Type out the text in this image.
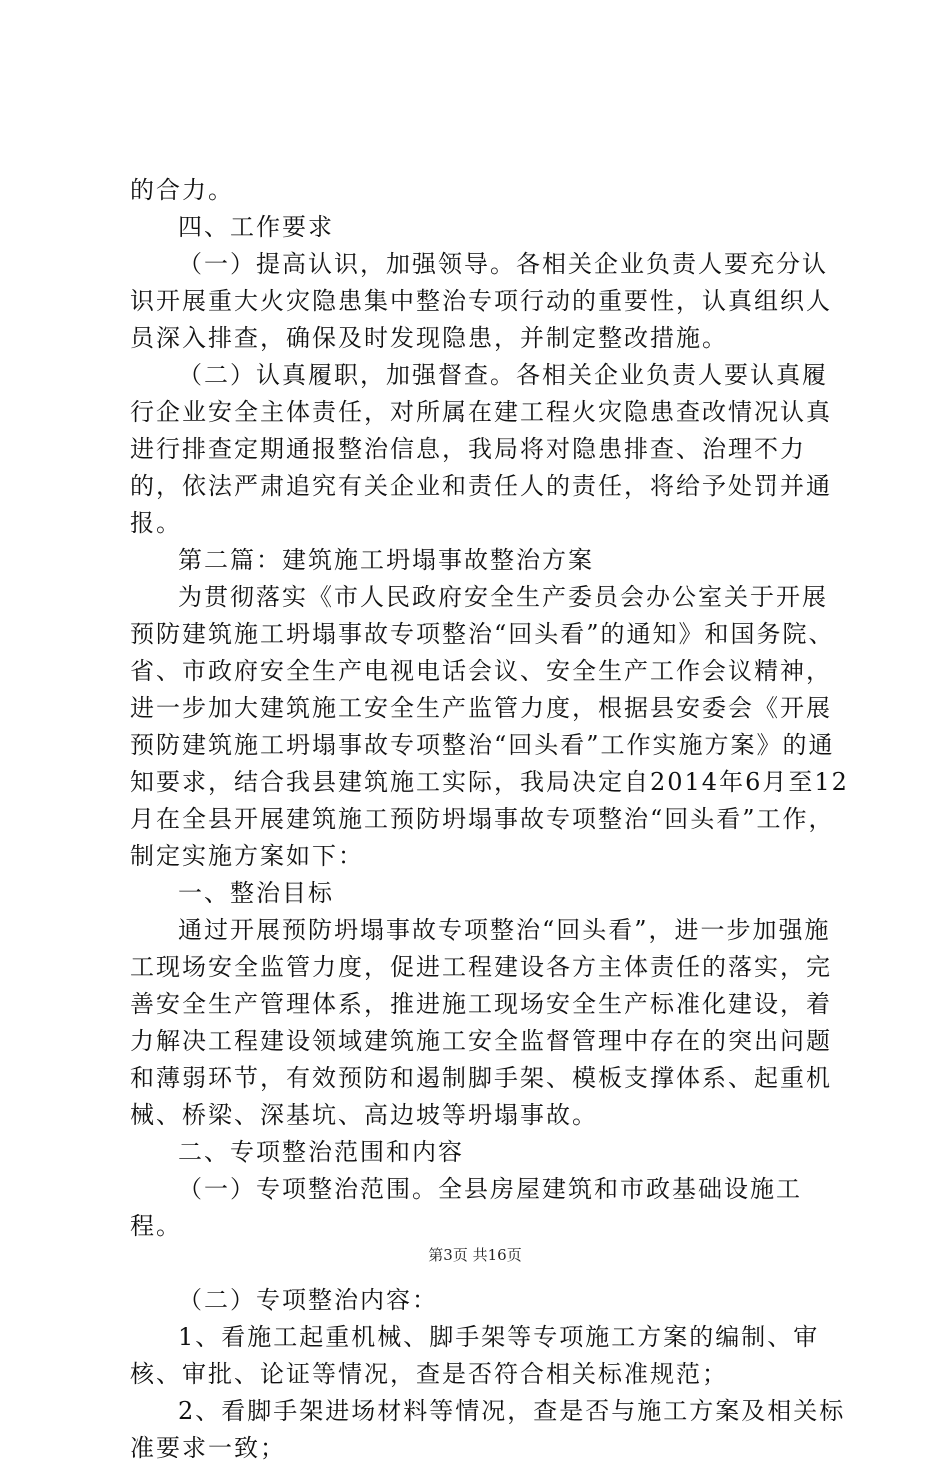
的合力。

四、工作要求

（一）提高认识，加强领导。各相关企业负责人要充分认识开展重大火灾隐患集中整治专项行动的重要性，认真组织人员深入排查，确保及时发现隐患，并制定整改措施。

（二）认真履职，加强督查。各相关企业负责人要认真履行企业安全主体责任，对所属在建工程火灾隐患查改情况认真进行排查定期通报整治信息，我局将对隐患排查、治理不力的，依法严肃追究有关企业和责任人的责任，将给予处罚并通报。

第二篇：建筑施工坍塌事故整治方案

为贯彻落实《市人民政府安全生产委员会办公室关于开展预防建筑施工坍塌事故专项整治“回头看”的通知》和国务院、省、市政府安全生产电视电话会议、安全生产工作会议精神，进一步加大建筑施工安全生产监管力度，根据县安委会《开展预防建筑施工坍塌事故专项整治“回头看”工作实施方案》的通知要求，结合我县建筑施工实际，我局决定自2014年6月至12月在全县开展建筑施工预防坍塌事故专项整治“回头看”工作，制定实施方案如下：

一、整治目标

通过开展预防坍塌事故专项整治“回头看”，进一步加强施工现场安全监管力度，促进工程建设各方主体责任的落实，完善安全生产管理体系，推进施工现场安全生产标准化建设，着力解决工程建设领域建筑施工安全监督管理中存在的突出问题和薄弱环节，有效预防和遏制脚手架、模板支撑体系、起重机械、桥梁、深基坑、高边坡等坍塌事故。

二、专项整治范围和内容

（一）专项整治范围。全县房屋建筑和市政基础设施工程。

（二）专项整治内容：

1、看施工起重机械、脚手架等专项施工方案的编制、审核、审批、论证等情况，查是否符合相关标准规范；

2、看脚手架进场材料等情况，查是否与施工方案及相关标准要求一致；

第3页 共16页
